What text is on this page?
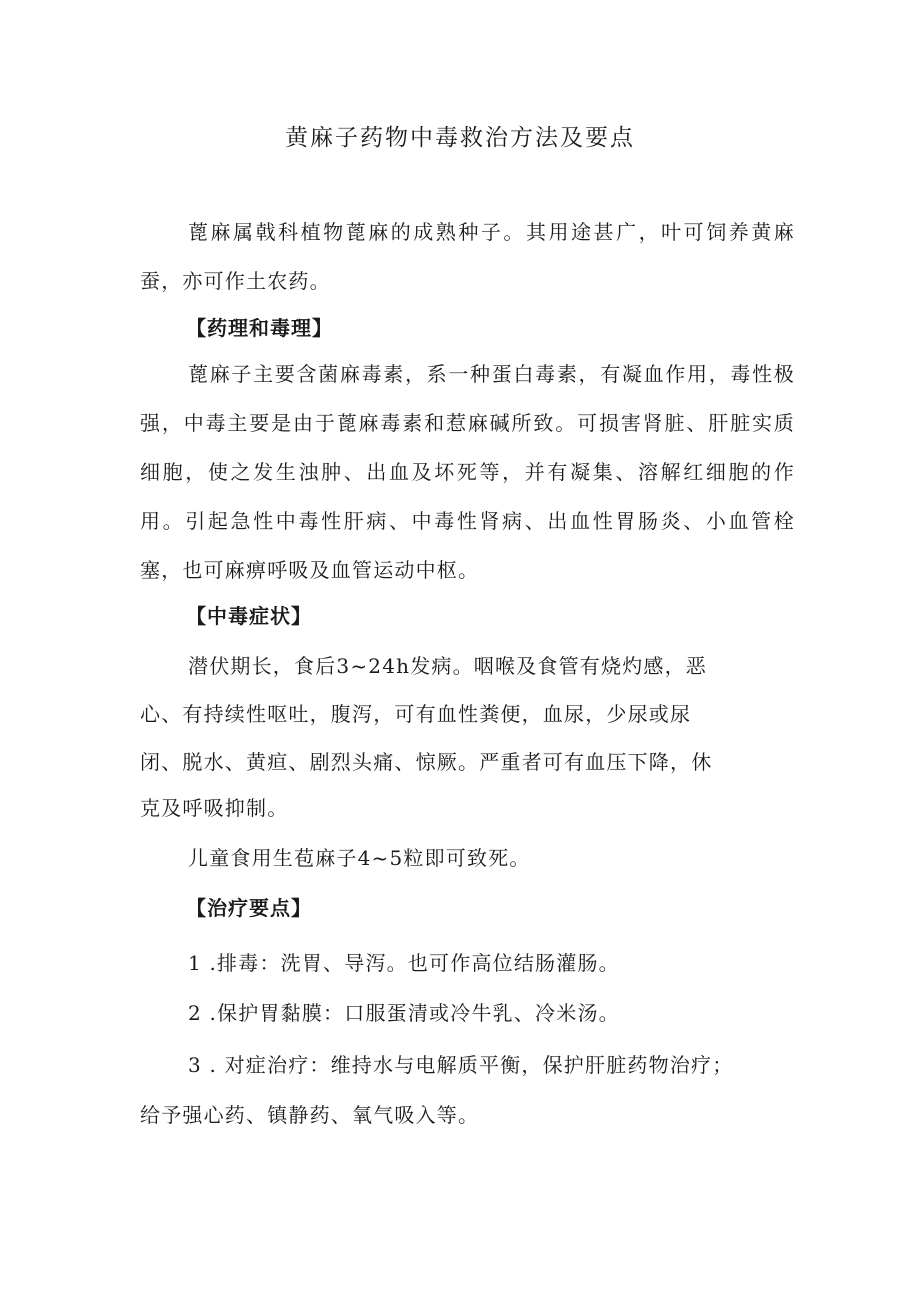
黄麻子药物中毒救治方法及要点

蓖麻属戟科植物蓖麻的成熟种子。其用途甚广，叶可饲养黄麻蚕，亦可作土农药。

【药理和毒理】

蓖麻子主要含菌麻毒素，系一种蛋白毒素，有凝血作用，毒性极强，中毒主要是由于蓖麻毒素和惹麻碱所致。可损害肾脏、肝脏实质细胞，使之发生浊肿、出血及坏死等，并有凝集、溶解红细胞的作用。引起急性中毒性肝病、中毒性肾病、出血性胃肠炎、小血管栓塞，也可麻痹呼吸及血管运动中枢。

【中毒症状】

潜伏期长，食后3~24h发病。咽喉及食管有烧灼感，恶

心、有持续性呕吐，腹泻，可有血性粪便，血尿，少尿或尿

闭、脱水、黄疸、剧烈头痛、惊厥。严重者可有血压下降，休

克及呼吸抑制。

儿童食用生苞麻子4~5粒即可致死。

【治疗要点】

1 .排毒：洗胃、导泻。也可作高位结肠灌肠。

2 .保护胃黏膜：口服蛋清或冷牛乳、冷米汤。

3 . 对症治疗：维持水与电解质平衡，保护肝脏药物治疗；

给予强心药、镇静药、氧气吸入等。
